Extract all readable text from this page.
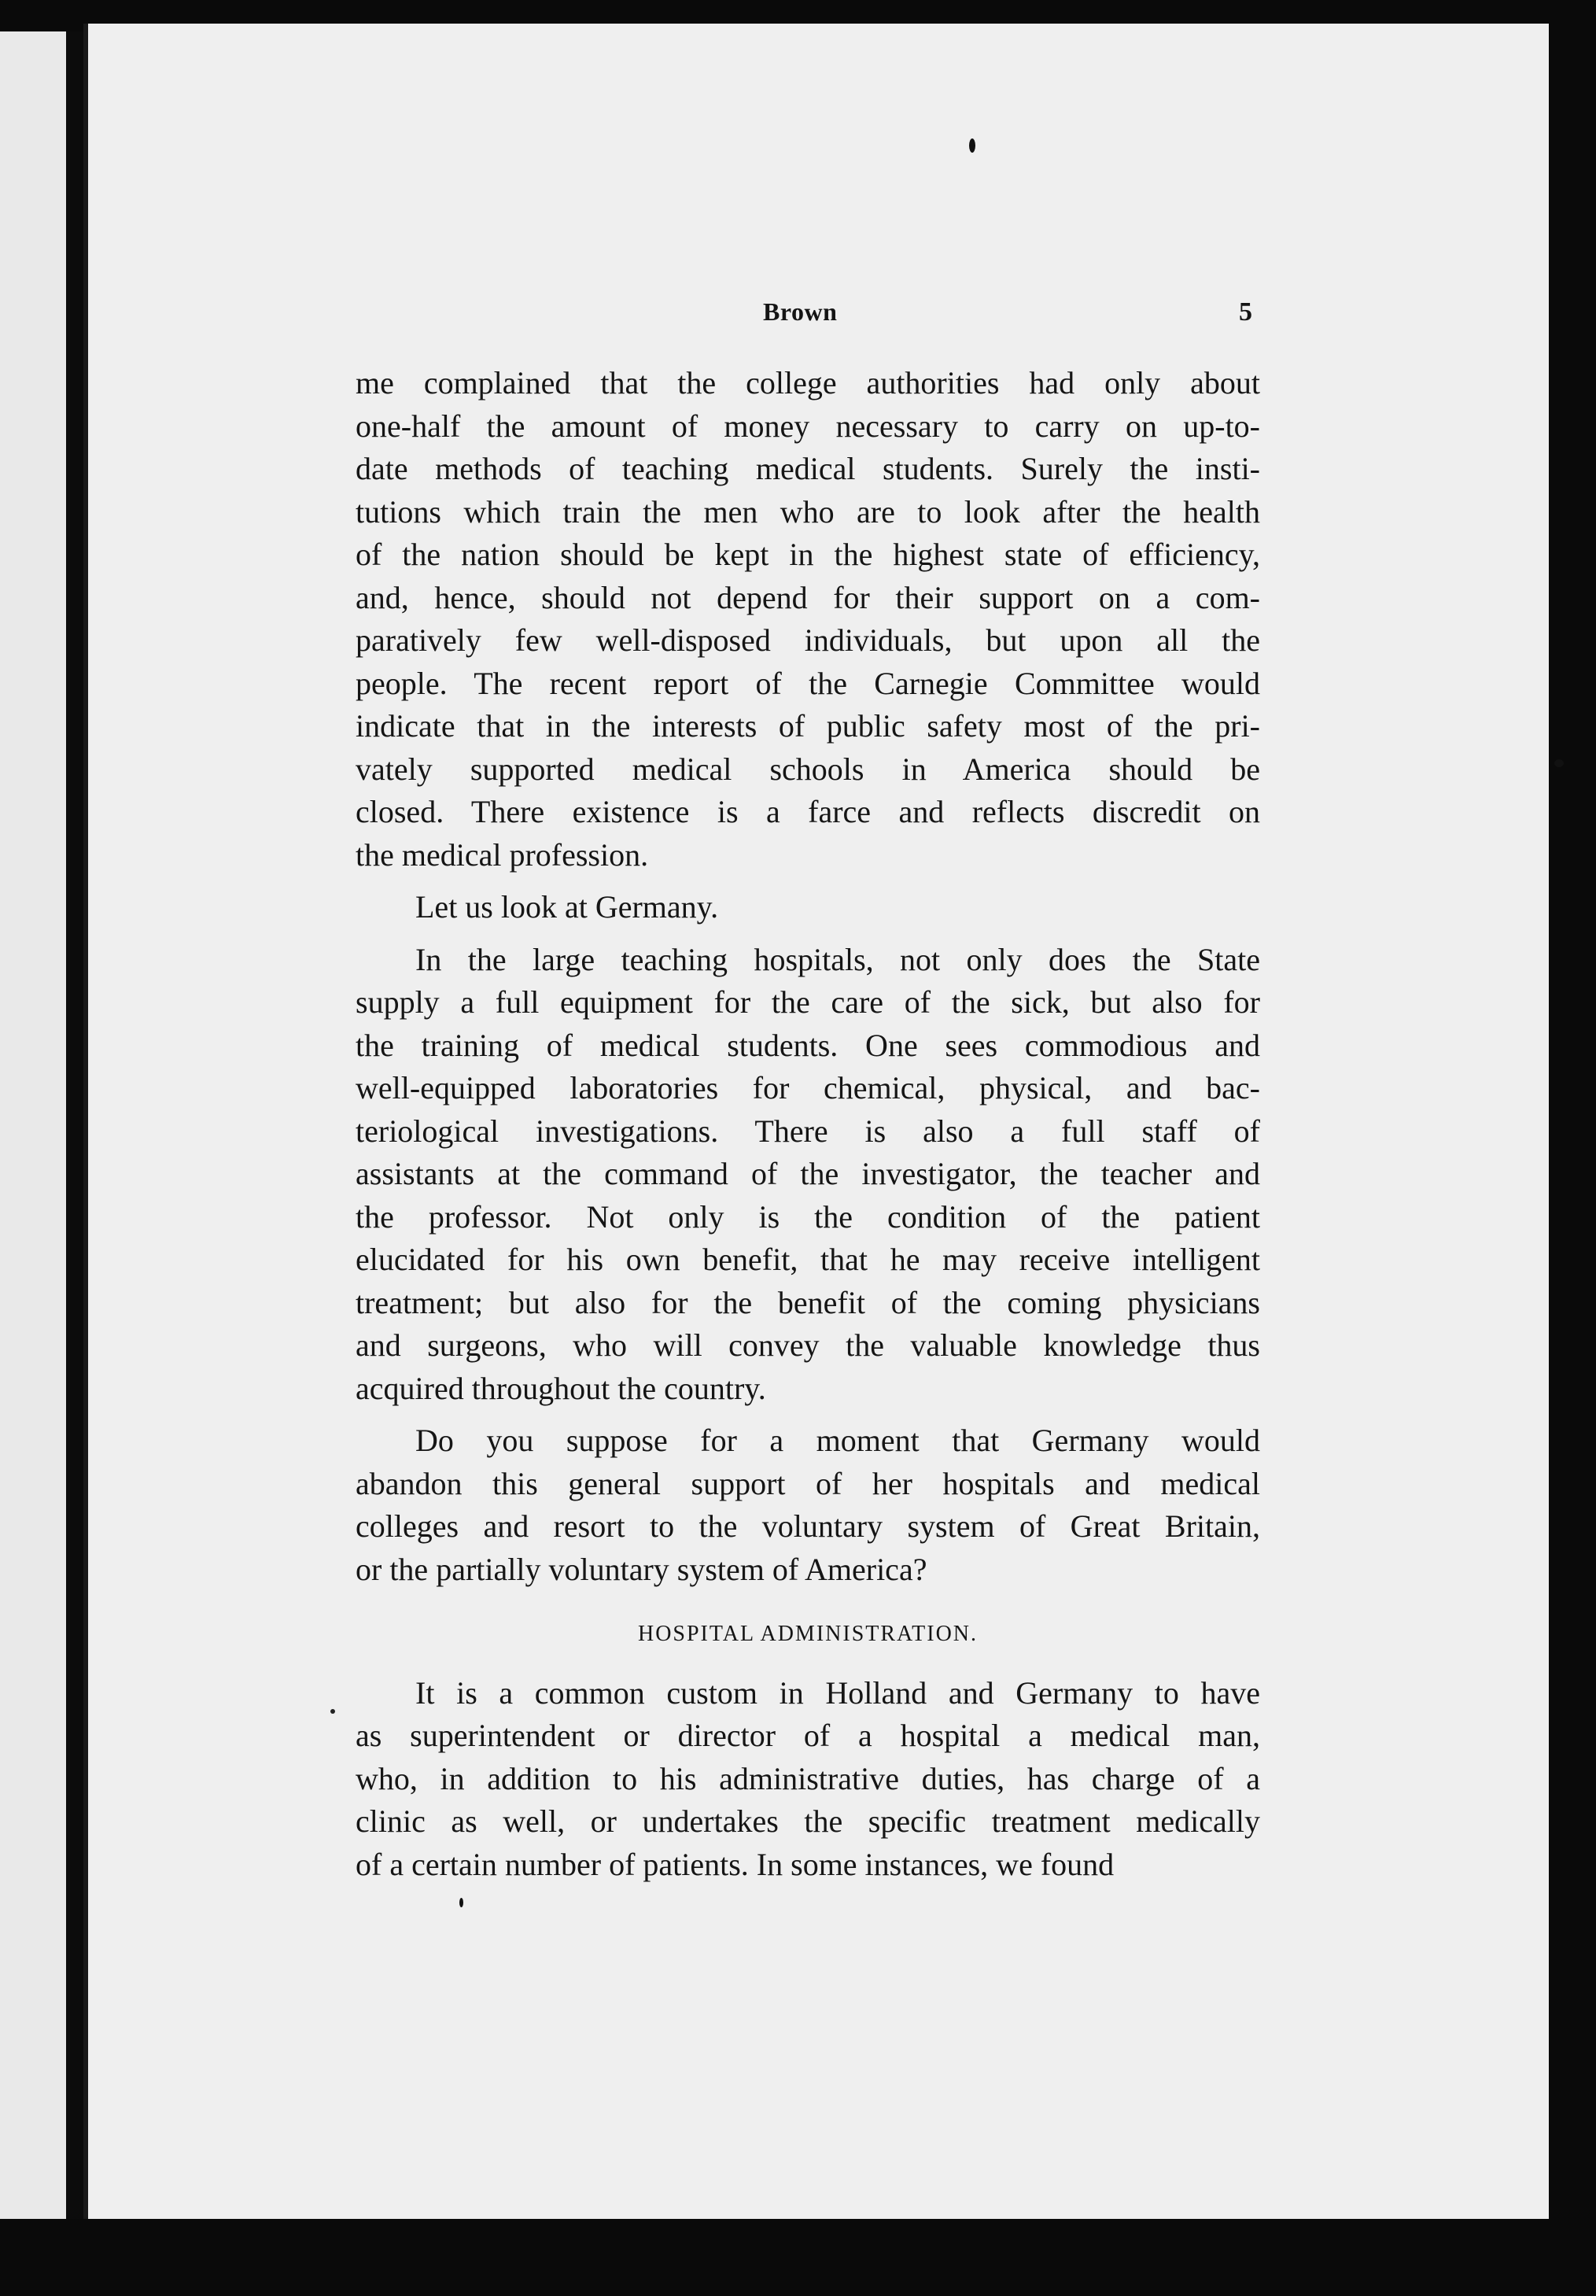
Brown	5
me complained that the college authorities had only about
one-half the amount of money necessary to carry on up-to-
date methods of teaching medical students. Surely the insti-
tutions which train the men who are to look after the health
of the nation should be kept in the highest state of efficiency,
and, hence, should not depend for their support on a com-
paratively few well-disposed individuals, but upon all the
people. The recent report of the Carnegie Committee would
indicate that in the interests of public safety most of the pri-
vately supported medical schools in America should be
closed. There existence is a farce and reflects discredit on
the medical profession.
Let us look at Germany.
In the large teaching hospitals, not only does the State
supply a full equipment for the care of the sick, but also for
the training of medical students. One sees commodious and
well-equipped laboratories for chemical, physical, and bac-
teriological investigations. There is also a full staff of
assistants at the command of the investigator, the teacher and
the professor. Not only is the condition of the patient
elucidated for his own benefit, that he may receive intelligent
treatment; but also for the benefit of the coming physicians
and surgeons, who will convey the valuable knowledge thus
acquired throughout the country.
Do you suppose for a moment that Germany would
abandon this general support of her hospitals and medical
colleges and resort to the voluntary system of Great Britain,
or the partially voluntary system of America?
HOSPITAL ADMINISTRATION.
It is a common custom in Holland and Germany to have
as superintendent or director of a hospital a medical man,
who, in addition to his administrative duties, has charge of a
clinic as well, or undertakes the specific treatment medically
of a certain number of patients. In some instances, we found
